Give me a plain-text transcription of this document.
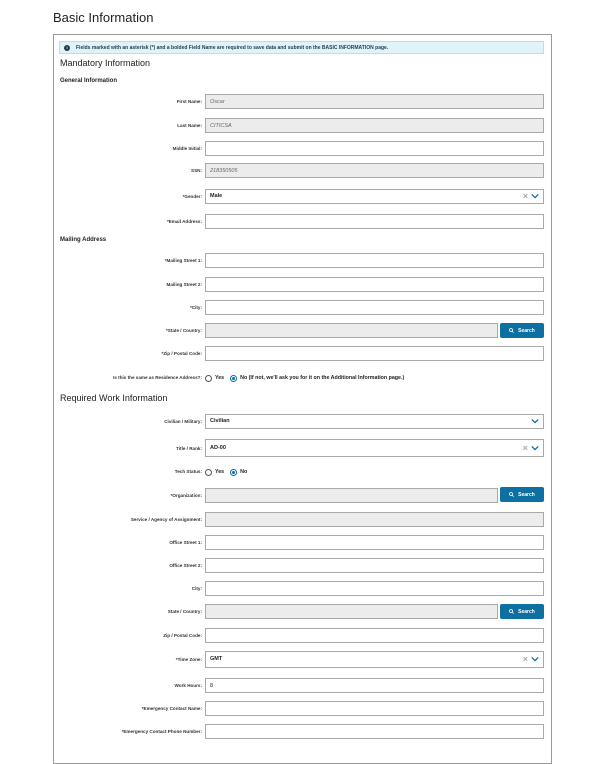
Basic Information
i	Fields marked with an asterisk (*) and a bolded Field Name are required to save data and submit on the BASIC INFORMATION page.
Mandatory Information
General Information
First Name:
Oscar
Last Name:
CITICSA
Middle Initial:
SSN:
218350505
*Gender:	Male	×
*Email Address:
Mailing Address
*Mailing Street 1:
Mailing Street 2:
*City:
*State / Country:	Search
*Zip / Postal Code:
Is this the same as Residence Address?: Yes	No (If not, we'll ask you for it on the Additional Information page.)
Required Work Information
Civilian / Military:	Civilian
Title / Rank:	AD-00	×
Tech Status: Yes	No
*Organization:	Search
Service / Agency of Assignment:
Office Street 1:
Office Street 2:
City:
State / Country:	Search
Zip / Postal Code:
*Time Zone:	GMT	×
Work Hours:
8
*Emergency Contact Name:
*Emergency Contact Phone Number:
